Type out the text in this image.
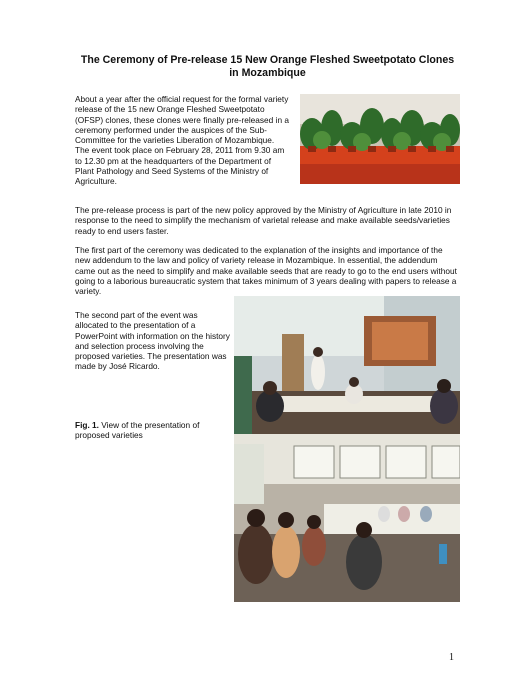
The Ceremony of Pre-release 15 New Orange Fleshed Sweetpotato Clones in Mozambique

About a year after the official request for the formal variety release of the 15 new Orange Fleshed Sweetpotato (OFSP) clones, these clones were finally pre-released in a ceremony performed under the auspices of the Sub-Committee for the varieties Liberation of Mozambique. The event took place on February 28, 2011 from 9.30 am to 12.30 pm at the headquarters of the Department of Plant Pathology and Seed Systems of the Ministry of Agriculture.

The pre-release process is part of the new policy approved by the Ministry of Agriculture in late 2010 in response to the need to simplify the mechanism of varietal release and make available seeds/varieties ready to end users faster.

The first part of the ceremony was dedicated to the explanation of the insights and importance of the new addendum to the law and policy of variety release in Mozambique. In essential, the addendum came out as the need to simplify and make available seeds that are ready to go to the end users without going to a laborious bureaucratic system that takes minimum of 3 years dealing with papers to release a variety.

The second part of the event was allocated to the presentation of a PowerPoint with information on the history and selection process involving the proposed varieties. The presentation was made by José Ricardo.

Fig. 1. View of the presentation of proposed varieties
1
